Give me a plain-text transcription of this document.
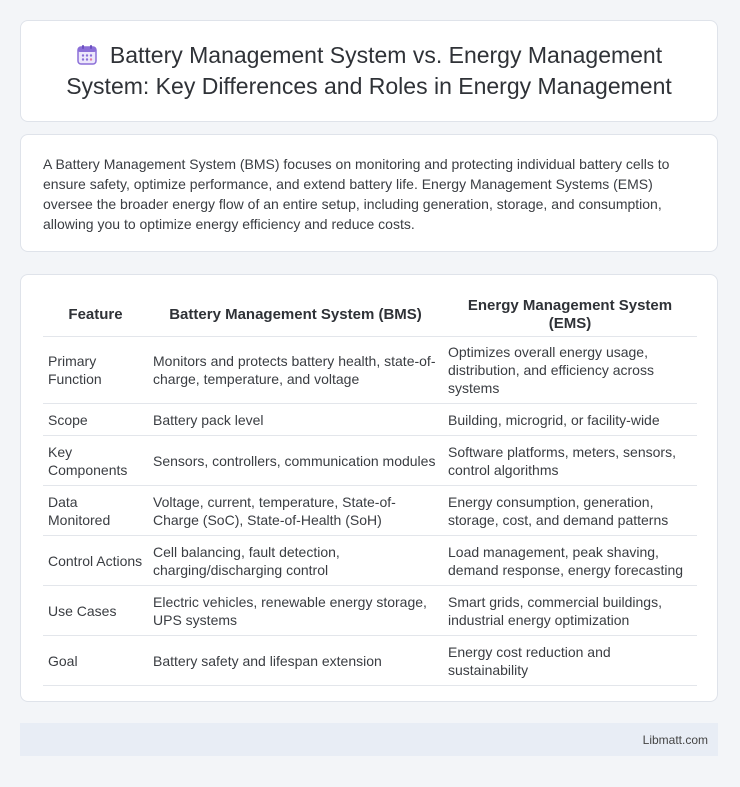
Battery Management System vs. Energy Management System: Key Differences and Roles in Energy Management

A Battery Management System (BMS) focuses on monitoring and protecting individual battery cells to ensure safety, optimize performance, and extend battery life. Energy Management Systems (EMS) oversee the broader energy flow of an entire setup, including generation, storage, and consumption, allowing you to optimize energy efficiency and reduce costs.

Feature	Battery Management System (BMS)	Energy Management System (EMS)
Primary Function	Monitors and protects battery health, state-of-charge, temperature, and voltage	Optimizes overall energy usage, distribution, and efficiency across systems
Scope	Battery pack level	Building, microgrid, or facility-wide
Key Components	Sensors, controllers, communication modules	Software platforms, meters, sensors, control algorithms
Data Monitored	Voltage, current, temperature, State-of-Charge (SoC), State-of-Health (SoH)	Energy consumption, generation, storage, cost, and demand patterns
Control Actions	Cell balancing, fault detection, charging/discharging control	Load management, peak shaving, demand response, energy forecasting
Use Cases	Electric vehicles, renewable energy storage, UPS systems	Smart grids, commercial buildings, industrial energy optimization
Goal	Battery safety and lifespan extension	Energy cost reduction and sustainability
Libmatt.com
